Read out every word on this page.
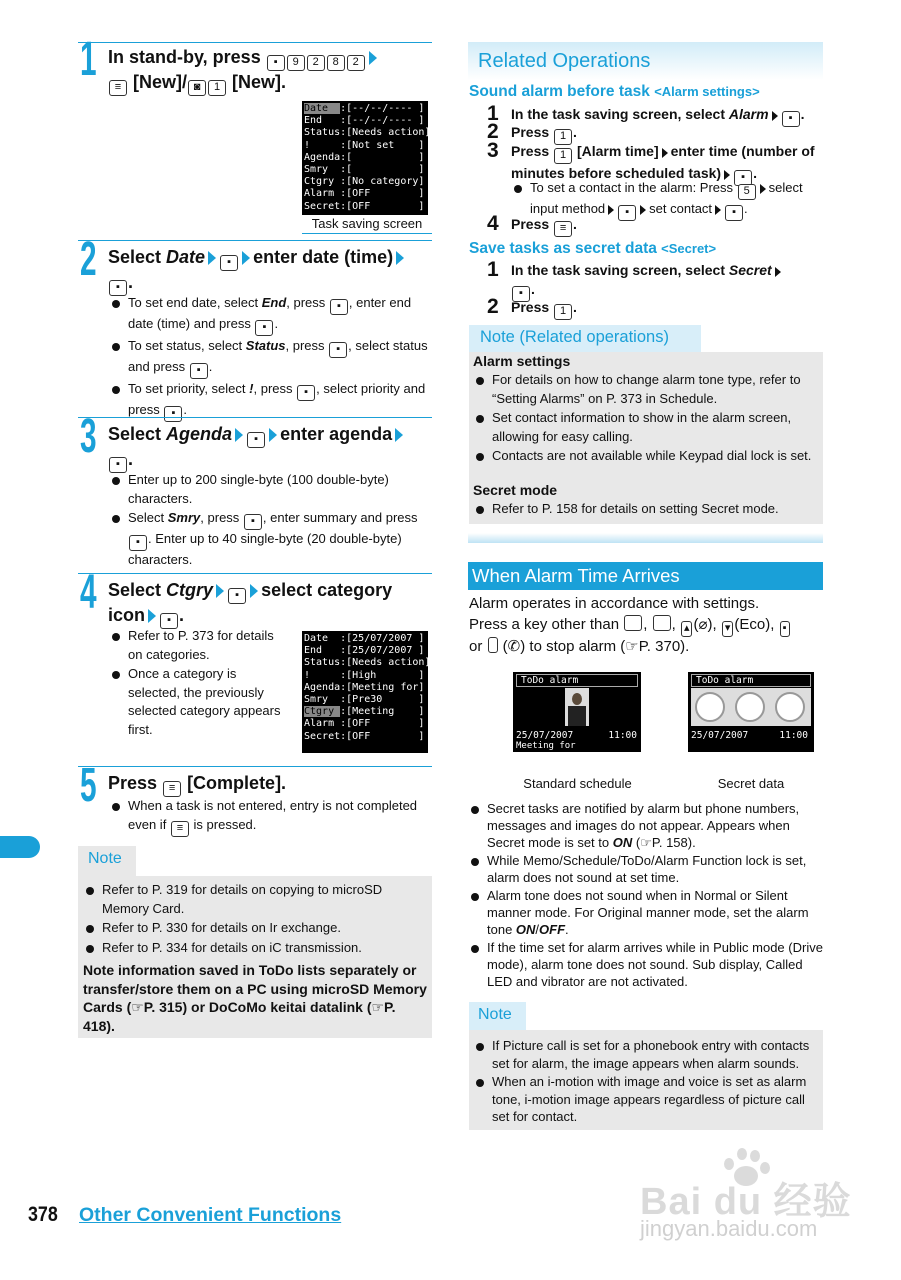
1 In stand-by, press ▪ 9 2 8 2
≡ [New]/ ◙ 1 [New].
Date  :[--/--/---- ]
End   :[--/--/---- ]
Status:[Needs action]
!     :[Not set    ]
Agenda:[           ]
Smry  :[           ]
Ctgry :[No category]
Alarm :[OFF        ]
Secret:[OFF        ]
Task saving screen
2 Select Date ▪ enter date (time)
▪ .
To set end date, select End, press ▪ , enter end date (time) and press ▪ .
To set status, select Status, press ▪ , select status and press ▪ .
To set priority, select !, press ▪ , select priority and press ▪ .
3 Select Agenda ▪ enter agenda
▪ .
Enter up to 200 single-byte (100 double-byte) characters.
Select Smry, press ▪ , enter summary and press ▪ . Enter up to 40 single-byte (20 double-byte) characters.
4 Select Ctgry ▪ select category
icon ▪ .
Refer to P. 373 for details on categories.
Once a category is selected, the previously selected category appears first.
Date  :[25/07/2007 ]
End   :[25/07/2007 ]
Status:[Needs action]
!     :[High       ]
Agenda:[Meeting for]
Smry  :[Pre30      ]
Ctgry :[Meeting    ]
Alarm :[OFF        ]
Secret:[OFF        ]
5 Press ≡ [Complete].
When a task is not entered, entry is not completed even if ≡ is pressed.
Note
Refer to P. 319 for details on copying to microSD Memory Card.
Refer to P. 330 for details on Ir exchange.
Refer to P. 334 for details on iC transmission.
Note information saved in ToDo lists separately or transfer/store them on a PC using microSD Memory Cards (☞P. 315) or DoCoMo keitai datalink (☞P. 418).
Related Operations
Sound alarm before task <Alarm settings>
1 In the task saving screen, select Alarm ▪ .
2 Press 1 .
3 Press 1 [Alarm time] enter time (number of minutes before scheduled task) ▪ .
To set a contact in the alarm: Press 5 select input method ▪ set contact ▪ .
4 Press ≡ .
Save tasks as secret data <Secret>
1 In the task saving screen, select Secret
▪ .
2 Press 1 .
Note (Related operations)
Alarm settings
For details on how to change alarm tone type, refer to “Setting Alarms” on P. 373 in Schedule.
Set contact information to show in the alarm screen, allowing for easy calling.
Contacts are not available while Keypad dial lock is set.
Secret mode
Refer to P. 158 for details on setting Secret mode.
When Alarm Time Arrives
Alarm operates in accordance with settings.
Press a key other than , , ▴ (⌀), ▾ (Eco), ▪
or  (✆) to stop alarm (☞P. 370).
ToDo alarm
25/07/2007	11:00
Meeting for
ToDo alarm
25/07/2007	11:00
Standard schedule	Secret data
Secret tasks are notified by alarm but phone numbers, messages and images do not appear. Appears when Secret mode is set to ON (☞P. 158).
While Memo/Schedule/ToDo/Alarm Function lock is set, alarm does not sound at set time.
Alarm tone does not sound when in Normal or Silent manner mode. For Original manner mode, set the alarm tone ON/OFF.
If the time set for alarm arrives while in Public mode (Drive mode), alarm tone does not sound. Sub display, Called LED and vibrator are not activated.
Note
If Picture call is set for a phonebook entry with contacts set for alarm, the image appears when alarm sounds.
When an i-motion with image and voice is set as alarm tone, i-motion image appears regardless of picture call set for contact.
378 Other Convenient Functions	Bai du 经验
jingyan.baidu.com
